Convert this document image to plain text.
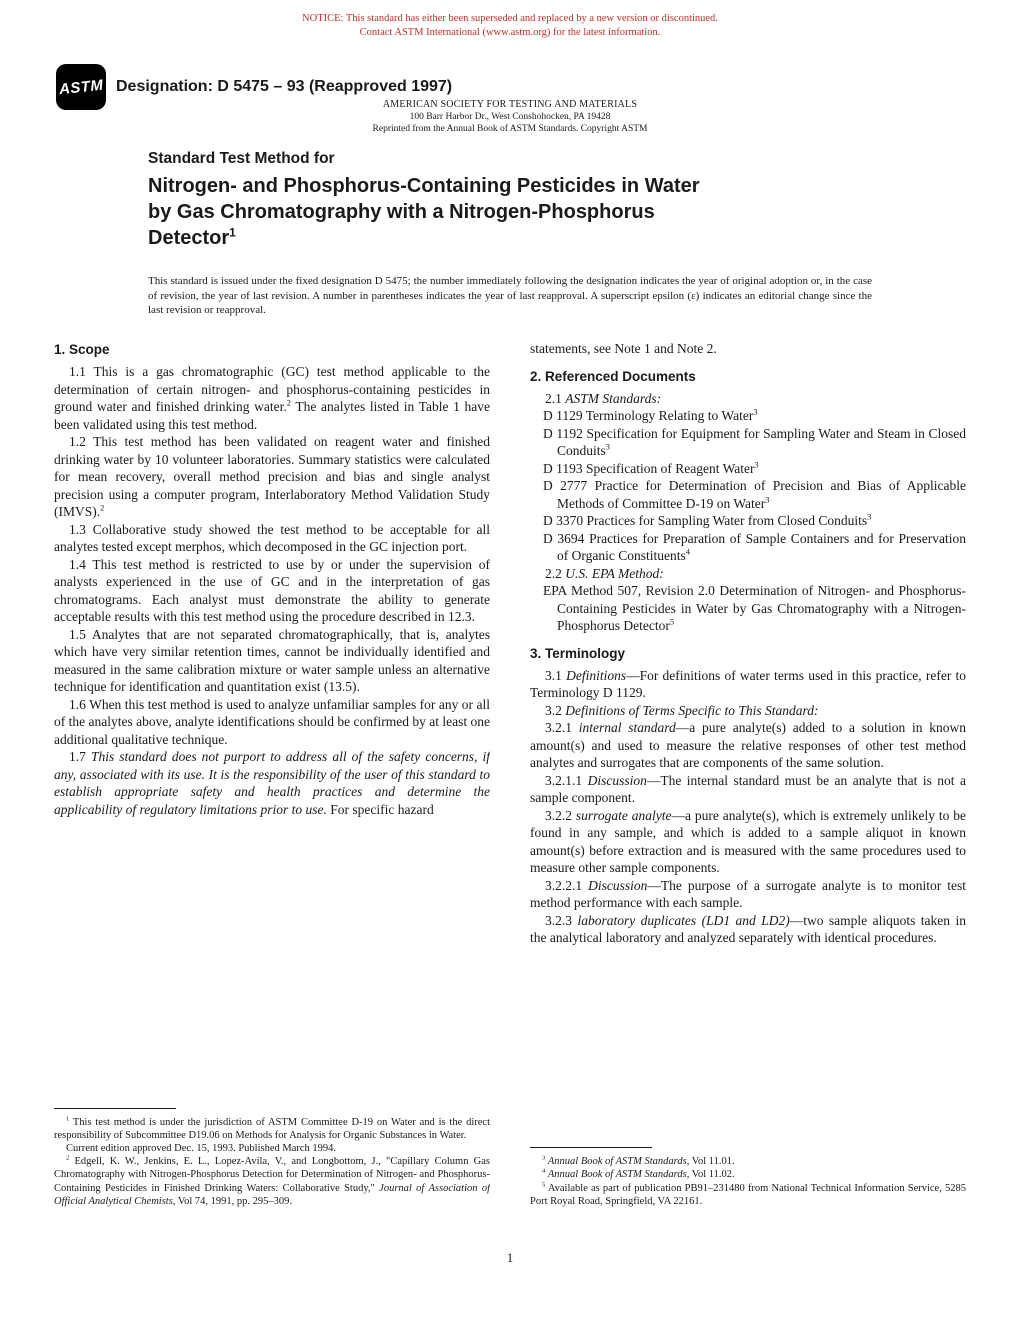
NOTICE: This standard has either been superseded and replaced by a new version or discontinued.
Contact ASTM International (www.astm.org) for the latest information.
ASTM Designation: D 5475 – 93 (Reapproved 1997)
AMERICAN SOCIETY FOR TESTING AND MATERIALS
100 Barr Harbor Dr., West Conshohocken, PA 19428
Reprinted from the Annual Book of ASTM Standards. Copyright ASTM
Standard Test Method for
Nitrogen- and Phosphorus-Containing Pesticides in Water
by Gas Chromatography with a Nitrogen-Phosphorus
Detector$^1$

This standard is issued under the fixed designation D 5475; the number immediately following the designation indicates the year of original adoption or, in the case of revision, the year of last revision. A number in parentheses indicates the year of last reapproval. A superscript epsilon (ε) indicates an editorial change since the last revision or reapproval.

1. Scope

1.1 This is a gas chromatographic (GC) test method applicable to the determination of certain nitrogen- and phosphorus-containing pesticides in ground water and finished drinking water.$^2$ The analytes listed in Table 1 have been validated using this test method.

1.2 This test method has been validated on reagent water and finished drinking water by 10 volunteer laboratories. Summary statistics were calculated for mean recovery, overall method precision and bias and single analyst precision using a computer program, Interlaboratory Method Validation Study (IMVS).$^2$

1.3 Collaborative study showed the test method to be acceptable for all analytes tested except merphos, which decomposed in the GC injection port.

1.4 This test method is restricted to use by or under the supervision of analysts experienced in the use of GC and in the interpretation of gas chromatograms. Each analyst must demonstrate the ability to generate acceptable results with this test method using the procedure described in 12.3.

1.5 Analytes that are not separated chromatographically, that is, analytes which have very similar retention times, cannot be individually identified and measured in the same calibration mixture or water sample unless an alternative technique for identification and quantitation exist (13.5).

1.6 When this test method is used to analyze unfamiliar samples for any or all of the analytes above, analyte identifications should be confirmed by at least one additional qualitative technique.

1.7 This standard does not purport to address all of the safety concerns, if any, associated with its use. It is the responsibility of the user of this standard to establish appropriate safety and health practices and determine the applicability of regulatory limitations prior to use. For specific hazard

$^1$ This test method is under the jurisdiction of ASTM Committee D-19 on Water and is the direct responsibility of Subcommittee D19.06 on Methods for Analysis for Organic Substances in Water.

Current edition approved Dec. 15, 1993. Published March 1994.

$^2$ Edgell, K. W., Jenkins, E. L., Lopez-Avila, V., and Longbottom, J., "Capillary Column Gas Chromatography with Nitrogen-Phosphorus Detection for Determination of Nitrogen- and Phosphorus-Containing Pesticides in Finished Drinking Waters: Collaborative Study," Journal of Association of Official Analytical Chemists, Vol 74, 1991, pp. 295–309.

statements, see Note 1 and Note 2.

2. Referenced Documents

2.1 ASTM Standards:

D 1129 Terminology Relating to Water$^3$

D 1192 Specification for Equipment for Sampling Water and Steam in Closed Conduits$^3$

D 1193 Specification of Reagent Water$^3$

D 2777 Practice for Determination of Precision and Bias of Applicable Methods of Committee D-19 on Water$^3$

D 3370 Practices for Sampling Water from Closed Conduits$^3$

D 3694 Practices for Preparation of Sample Containers and for Preservation of Organic Constituents$^4$

2.2 U.S. EPA Method:

EPA Method 507, Revision 2.0 Determination of Nitrogen- and Phosphorus-Containing Pesticides in Water by Gas Chromatography with a Nitrogen-Phosphorus Detector$^5$

3. Terminology

3.1 Definitions—For definitions of water terms used in this practice, refer to Terminology D 1129.

3.2 Definitions of Terms Specific to This Standard:

3.2.1 internal standard—a pure analyte(s) added to a solution in known amount(s) and used to measure the relative responses of other test method analytes and surrogates that are components of the same solution.

3.2.1.1 Discussion—The internal standard must be an analyte that is not a sample component.

3.2.2 surrogate analyte—a pure analyte(s), which is extremely unlikely to be found in any sample, and which is added to a sample aliquot in known amount(s) before extraction and is measured with the same procedures used to measure other sample components.

3.2.2.1 Discussion—The purpose of a surrogate analyte is to monitor test method performance with each sample.

3.2.3 laboratory duplicates (LD1 and LD2)—two sample aliquots taken in the analytical laboratory and analyzed separately with identical procedures.

$^3$ Annual Book of ASTM Standards, Vol 11.01.

$^4$ Annual Book of ASTM Standards, Vol 11.02.

$^5$ Available as part of publication PB91–231480 from National Technical Information Service, 5285 Port Royal Road, Springfield, VA 22161.

1
